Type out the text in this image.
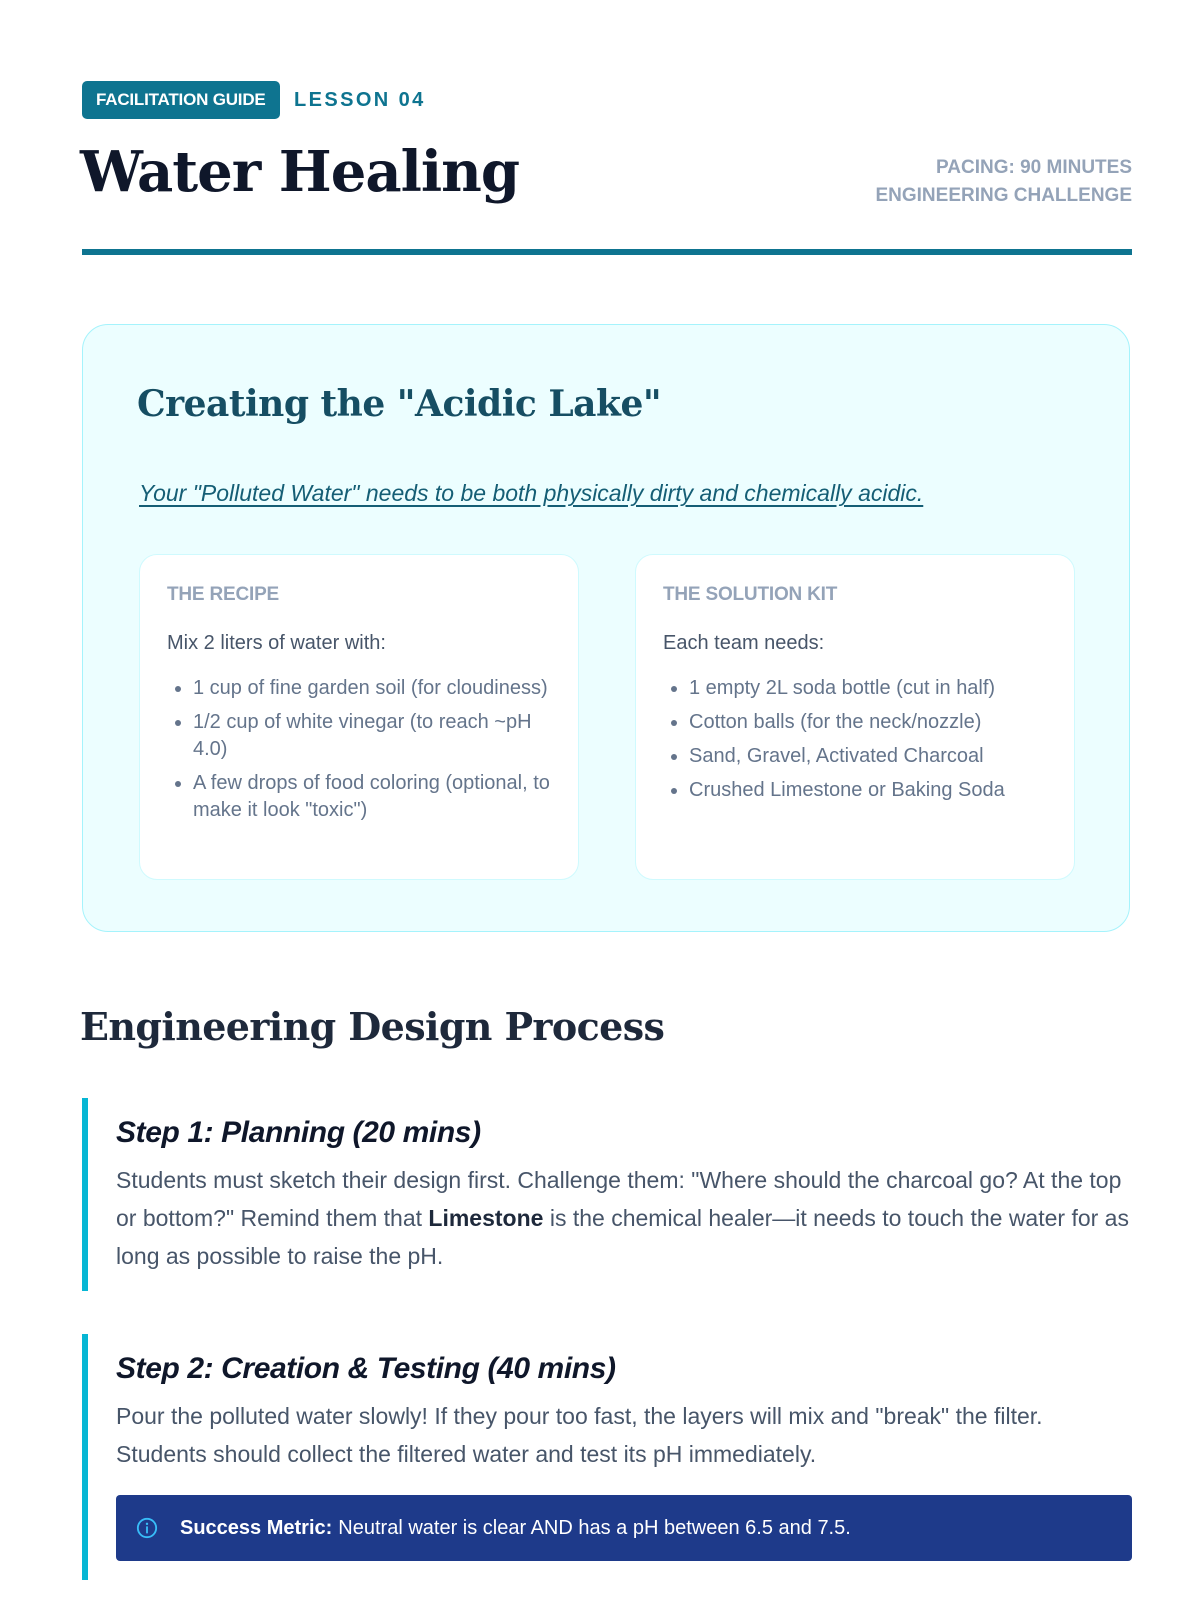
FACILITATION GUIDE	LESSON 04
Water Healing	PACING: 90 MINUTES
ENGINEERING CHALLENGE
Creating the "Acidic Lake"
Your "Polluted Water" needs to be both physically dirty and chemically acidic.
THE RECIPE

Mix 2 liters of water with:

• 1 cup of fine garden soil (for cloudiness)
• 1/2 cup of white vinegar (to reach ~pH 4.0)
• A few drops of food coloring (optional, to make it look "toxic")
THE SOLUTION KIT

Each team needs:

• 1 empty 2L soda bottle (cut in half)
• Cotton balls (for the neck/nozzle)
• Sand, Gravel, Activated Charcoal
• Crushed Limestone or Baking Soda
Engineering Design Process
Step 1: Planning (20 mins)

Students must sketch their design first. Challenge them: "Where should the charcoal go? At the top or bottom?" Remind them that Limestone is the chemical healer—it needs to touch the water for as long as possible to raise the pH.

Step 2: Creation & Testing (40 mins)

Pour the polluted water slowly! If they pour too fast, the layers will mix and "break" the filter. Students should collect the filtered water and test its pH immediately.

Success Metric: Neutral water is clear AND has a pH between 6.5 and 7.5.
